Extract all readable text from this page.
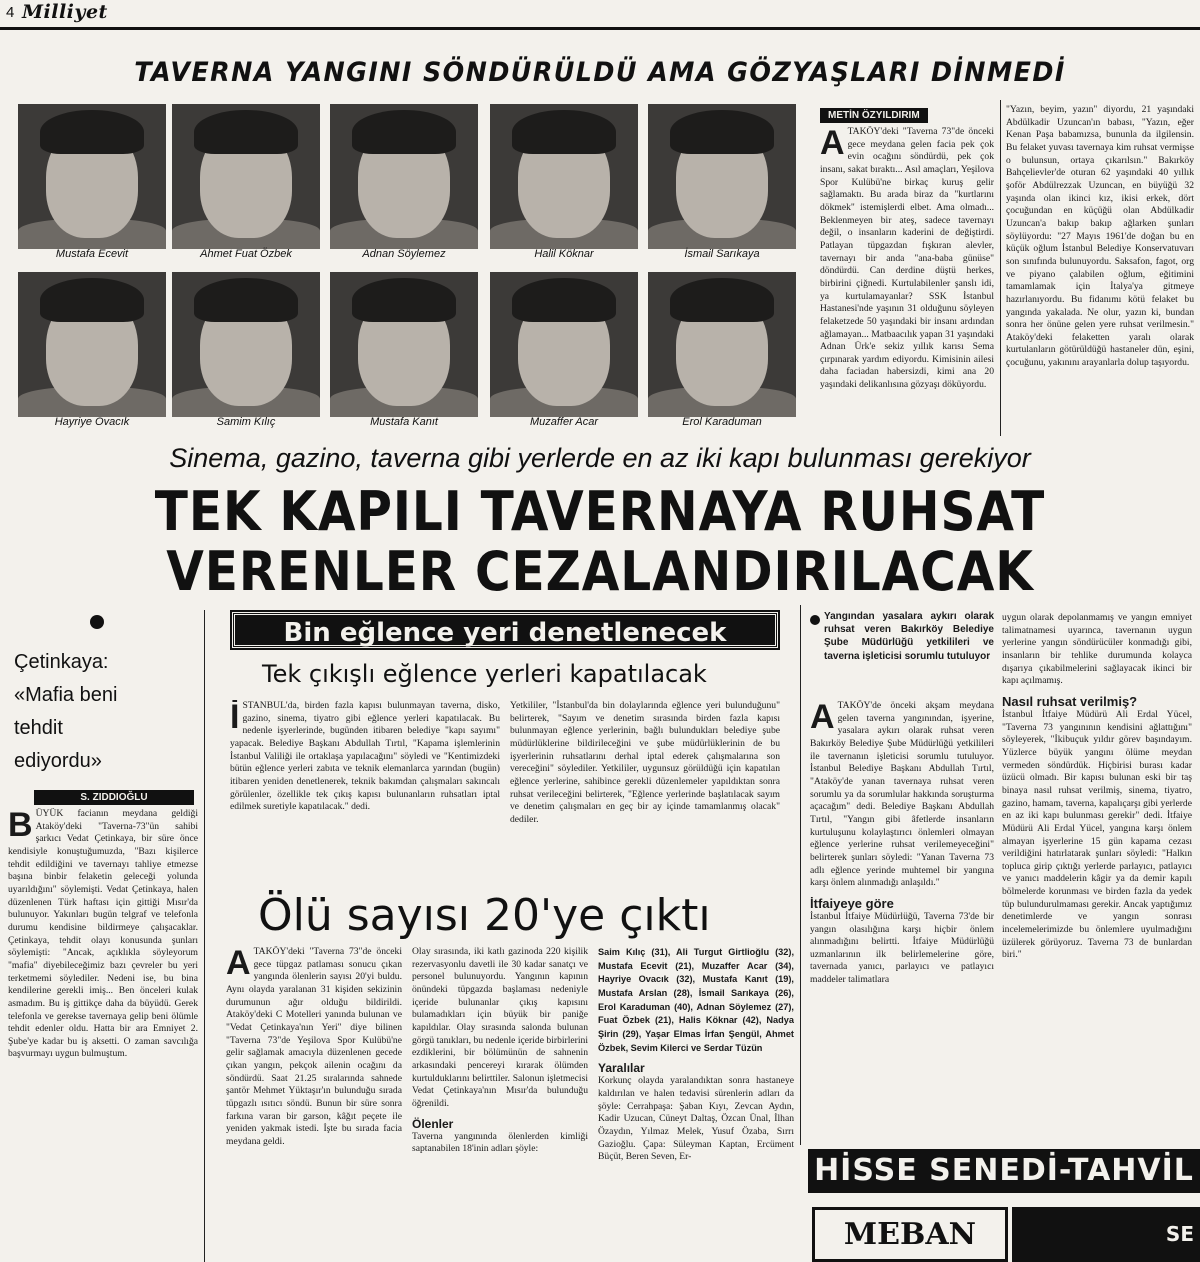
4 Milliyet
TAVERNA YANGINI SÖNDÜRÜLDÜ AMA GÖZYAŞLARI DİNMEDİ
Mustafa Ecevit	Ahmet Fuat Özbek	Adnan Söylemez	Halil Köknar	İsmail Sarıkaya
Hayriye Ovacık	Samim Kılıç	Mustafa Kanıt	Muzaffer Acar	Erol Karaduman
METİN ÖZYILDIRIM
ATAKÖY'deki "Taverna 73"de önceki gece meydana gelen facia pek çok evin ocağını söndürdü, pek çok insanı, sakat bıraktı... Asıl amaçları, Yeşilova Spor Kulübü'ne birkaç kuruş gelir sağlamaktı. Bu arada biraz da "kurtlarını dökmek" istemişlerdi elbet. Ama olmadı... Beklenmeyen bir ateş, sadece tavernayı değil, o insanların kaderini de değiştirdi. Patlayan tüpgazdan fışkıran alevler, tavernayı bir anda "ana-baba günüse" döndürdü. Can derdine düştü herkes, birbirini çiğnedi. Kurtulabilenler şanslı idi, ya kurtulamayanlar? SSK İstanbul Hastanesi'nde yaşının 31 olduğunu söyleyen felaketzede 50 yaşındaki bir insanı ardından ağlamayan... Matbaacılık yapan 31 yaşındaki Adnan Ürk'e sekiz yıllık karısı Sema çırpınarak yardım ediyordu. Kimisinin ailesi daha faciadan habersizdi, kimi ana 20 yaşındaki delikanlısına gözyaşı döküyordu.
"Yazın, beyim, yazın" diyordu, 21 yaşındaki Abdülkadir Uzuncan'ın babası, "Yazın, eğer Kenan Paşa babamızsa, bununla da ilgilensin. Bu felaket yuvası tavernaya kim ruhsat vermişse o bulunsun, ortaya çıkarılsın." Bakırköy Bahçelievler'de oturan 62 yaşındaki 40 yıllık şoför Abdülrezzak Uzuncan, en büyüğü 32 yaşında olan ikinci kız, ikisi erkek, dört çocuğundan en küçüğü olan Abdülkadir Uzuncan'a bakıp bakıp ağlarken şunları söylüyordu: "27 Mayıs 1961'de doğan bu en küçük oğlum İstanbul Belediye Konservatuvarı son sınıfında bulunuyordu. Saksafon, fagot, org ve piyano çalabilen oğlum, eğitimini tamamlamak için İtalya'ya gitmeye hazırlanıyordu. Bu fidanımı kötü felaket bu yangında yakalada. Ne olur, yazın ki, bundan sonra her önüne gelen yere ruhsat verilmesin." Ataköy'deki felaketten yaralı olarak kurtulanların götürüldüğü hastaneler dün, eşini, çocuğunu, yakınını arayanlarla dolup taşıyordu.
Sinema, gazino, taverna gibi yerlerde en az iki kapı bulunması gerekiyor
TEK KAPILI TAVERNAYA RUHSAT
VERENLER CEZALANDIRILACAK
Çetinkaya:
«Mafia beni
tehdit
ediyordu»
S. ZIDDIOĞLU
BÜYÜK facianın meydana geldiği Ataköy'deki "Taverna-73"ün sahibi şarkıcı Vedat Çetinkaya, bir süre önce kendisiyle konuştuğumuzda, "Bazı kişilerce tehdit edildiğini ve tavernayı tahliye etmezse başına binbir felaketin geleceği yolunda uyarıldığını" söylemişti. Vedat Çetinkaya, halen düzenlenen Türk haftası için gittiği Mısır'da bulunuyor. Yakınları bugün telgraf ve telefonla durumu kendisine bildirmeye çalışacaklar. Çetinkaya, tehdit olayı konusunda şunları söylemişti: "Ancak, açıklıkla söyleyorum "mafia" diyebileceğimiz bazı çevreler bu yeri terketmemi söylediler. Nedeni ise, bu bina kendilerine gerekli imiş... Ben önceleri kulak asmadım. Bu iş gittikçe daha da büyüdü. Gerek telefonla ve gerekse tavernaya gelip beni ölümle tehdit edenler oldu. Hatta bir ara Emniyet 2. Şube'ye kadar bu iş aksetti. O zaman savcılığa başvurmayı uygun bulmuştum.
Bin eğlence yeri denetlenecek
Tek çıkışlı eğlence yerleri kapatılacak
İSTANBUL'da, birden fazla kapısı bulunmayan taverna, disko, gazino, sinema, tiyatro gibi eğlence yerleri kapatılacak. Bu nedenle işyerlerinde, bugünden itibaren belediye "kapı sayımı" yapacak. Belediye Başkanı Abdullah Tırtıl, "Kapama işlemlerinin İstanbul Valiliği ile ortaklaşa yapılacağını" söyledi ve "Kentimizdeki bütün eğlence yerleri zabıta ve teknik elemanlarca yarından (bugün) itibaren yeniden denetlenerek, teknik bakımdan çalışmaları sakıncalı görülenler, özellikle tek çıkış kapısı bulunanların ruhsatları iptal edilmek suretiyle kapatılacak." dedi.
Yetkililer, "İstanbul'da bin dolaylarında eğlence yeri bulunduğunu" belirterek, "Sayım ve denetim sırasında birden fazla kapısı bulunmayan eğlence yerlerinin, bağlı bulundukları belediye şube müdürlüklerine bildirileceğini ve şube müdürlüklerinin de bu işyerlerinin ruhsatlarını derhal iptal ederek çalışmalarına son vereceğini" söylediler. Yetkililer, uygunsuz görüldüğü için kapatılan eğlence yerlerine, sahibince gerekli düzenlemeler yapıldıktan sonra ruhsat verileceğini belirterek, "Eğlence yerlerinde başlatılacak sayım ve denetim çalışmaları en geç bir ay içinde tamamlanmış olacak" dediler.
Ölü sayısı 20'ye çıktı
ATAKÖY'deki "Taverna 73"de önceki gece tüpgaz patlaması sonucu çıkan yangında ölenlerin sayısı 20'yi buldu. Aynı olayda yaralanan 31 kişiden sekizinin durumunun ağır olduğu bildirildi. Ataköy'deki C Motelleri yanında bulunan ve "Vedat Çetinkaya'nın Yeri" diye bilinen "Taverna 73"de Yeşilova Spor Kulübü'ne gelir sağlamak amacıyla düzenlenen gecede çıkan yangın, pekçok ailenin ocağını da söndürdü. Saat 21.25 sıralarında sahnede şantör Mehmet Yüktaşır'ın bulunduğu sırada tüpgazlı ısıtıcı söndü. Bunun bir süre sonra farkına varan bir garson, kâğıt peçete ile yeniden yakmak istedi. İşte bu sırada facia meydana geldi.
Olay sırasında, iki katlı gazinoda 220 kişilik rezervasyonlu davetli ile 30 kadar sanatçı ve personel bulunuyordu. Yangının kapının önündeki tüpgazda başlaması nedeniyle içeride bulunanlar çıkış kapısını bulamadıkları için büyük bir paniğe kapıldılar. Olay sırasında salonda bulunan görgü tanıkları, bu nedenle içeride birbirlerini ezdiklerini, bir bölümünün de sahnenin arkasındaki pencereyi kırarak ölümden kurtulduklarını belirttiler. Salonun işletmecisi Vedat Çetinkaya'nın Mısır'da bulunduğu öğrenildi.
Ölenler
Taverna yangınında ölenlerden kimliği saptanabilen 18'inin adları şöyle:
Saim Kılıç (31), Ali Turgut Girtlioğlu (32), Mustafa Ecevit (21), Muzaffer Acar (34), Hayriye Ovacık (32), Mustafa Kanıt (19), Mustafa Arslan (28), İsmail Sarıkaya (26), Erol Karaduman (40), Adnan Söylemez (27), Fuat Özbek (21), Halis Köknar (42), Nadya Şirin (29), Yaşar Elmas İrfan Şengül, Ahmet Özbek, Sevim Kilerci ve Serdar Tüzün
Yaralılar
Korkunç olayda yaralandıktan sonra hastaneye kaldırılan ve halen tedavisi sürenlerin adları da şöyle: Cerrahpaşa: Şaban Kıyı, Zevcan Aydın, Kadir Uzucan, Cüneyt Daltaş, Özcan Ünal, İlhan Özaydın, Yılmaz Melek, Yusuf Özaba, Sırrı Gazioğlu. Çapa: Süleyman Kaptan, Ercüment Büçüt, Beren Seven, Er-
Yangından yasalara aykırı olarak ruhsat veren Bakırköy Belediye Şube Müdürlüğü yetkilileri ve taverna işleticisi sorumlu tutuluyor
ATAKÖY'de önceki akşam meydana gelen taverna yangınından, işyerine, yasalara aykırı olarak ruhsat veren Bakırköy Belediye Şube Müdürlüğü yetkilileri ile tavernanın işleticisi sorumlu tutuluyor. İstanbul Belediye Başkanı Abdullah Tırtıl, "Ataköy'de yanan tavernaya ruhsat veren sorumlu ya da sorumlular hakkında soruşturma açacağım" dedi. Belediye Başkanı Abdullah Tırtıl, "Yangın gibi âfetlerde insanların kurtuluşunu kolaylaştırıcı önlemleri olmayan eğlence yerlerine ruhsat verilemeyeceğini" belirterek şunları söyledi: "Yanan Taverna 73 adlı eğlence yerinde muhtemel bir yangına karşı önlem alınmadığı anlaşıldı."
İtfaiyeye göre
İstanbul İtfaiye Müdürlüğü, Taverna 73'de bir yangın olasılığına karşı hiçbir önlem alınmadığını belirtti. İtfaiye Müdürlüğü uzmanlarının ilk belirlemelerine göre, tavernada yanıcı, parlayıcı ve patlayıcı maddeler talimatlara
uygun olarak depolanmamış ve yangın emniyet talimatnamesi uyarınca, tavernanın uygun yerlerine yangın söndürücüler konmadığı gibi, insanların bir tehlike durumunda kolayca dışarıya çıkabilmelerini sağlayacak ikinci bir kapı açılmamış.
Nasıl ruhsat verilmiş?
İstanbul İtfaiye Müdürü Ali Erdal Yücel, "Taverna 73 yangınının kendisini ağlattığını" söyleyerek, "İkibuçuk yıldır görev başındayım. Yüzlerce büyük yangını ölüme meydan vermeden söndürdük. Hiçbirisi burası kadar üzücü olmadı. Bir kapısı bulunan eski bir taş binaya nasıl ruhsat verilmiş, sinema, tiyatro, gazino, hamam, taverna, kapalıçarşı gibi yerlerde en az iki kapı bulunması gerekir" dedi. İtfaiye Müdürü Ali Erdal Yücel, yangına karşı önlem almayan işyerlerine 15 gün kapama cezası verildiğini hatırlatarak şunları söyledi: "Halkın topluca girip çıktığı yerlerde parlayıcı, patlayıcı ve yanıcı maddelerin kâgir ya da demir kapılı bölmelerde korunması ve birden fazla da yedek tüp bulundurulmaması gerekir. Ancak yaptığımız denetimlerde ve yangın sonrası incelemelerimizde bu önlemlere uyulmadığını üzülerek görüyoruz. Taverna 73 de bunlardan biri."
HİSSE SENEDİ-TAHVİL
MEBAN	SE
